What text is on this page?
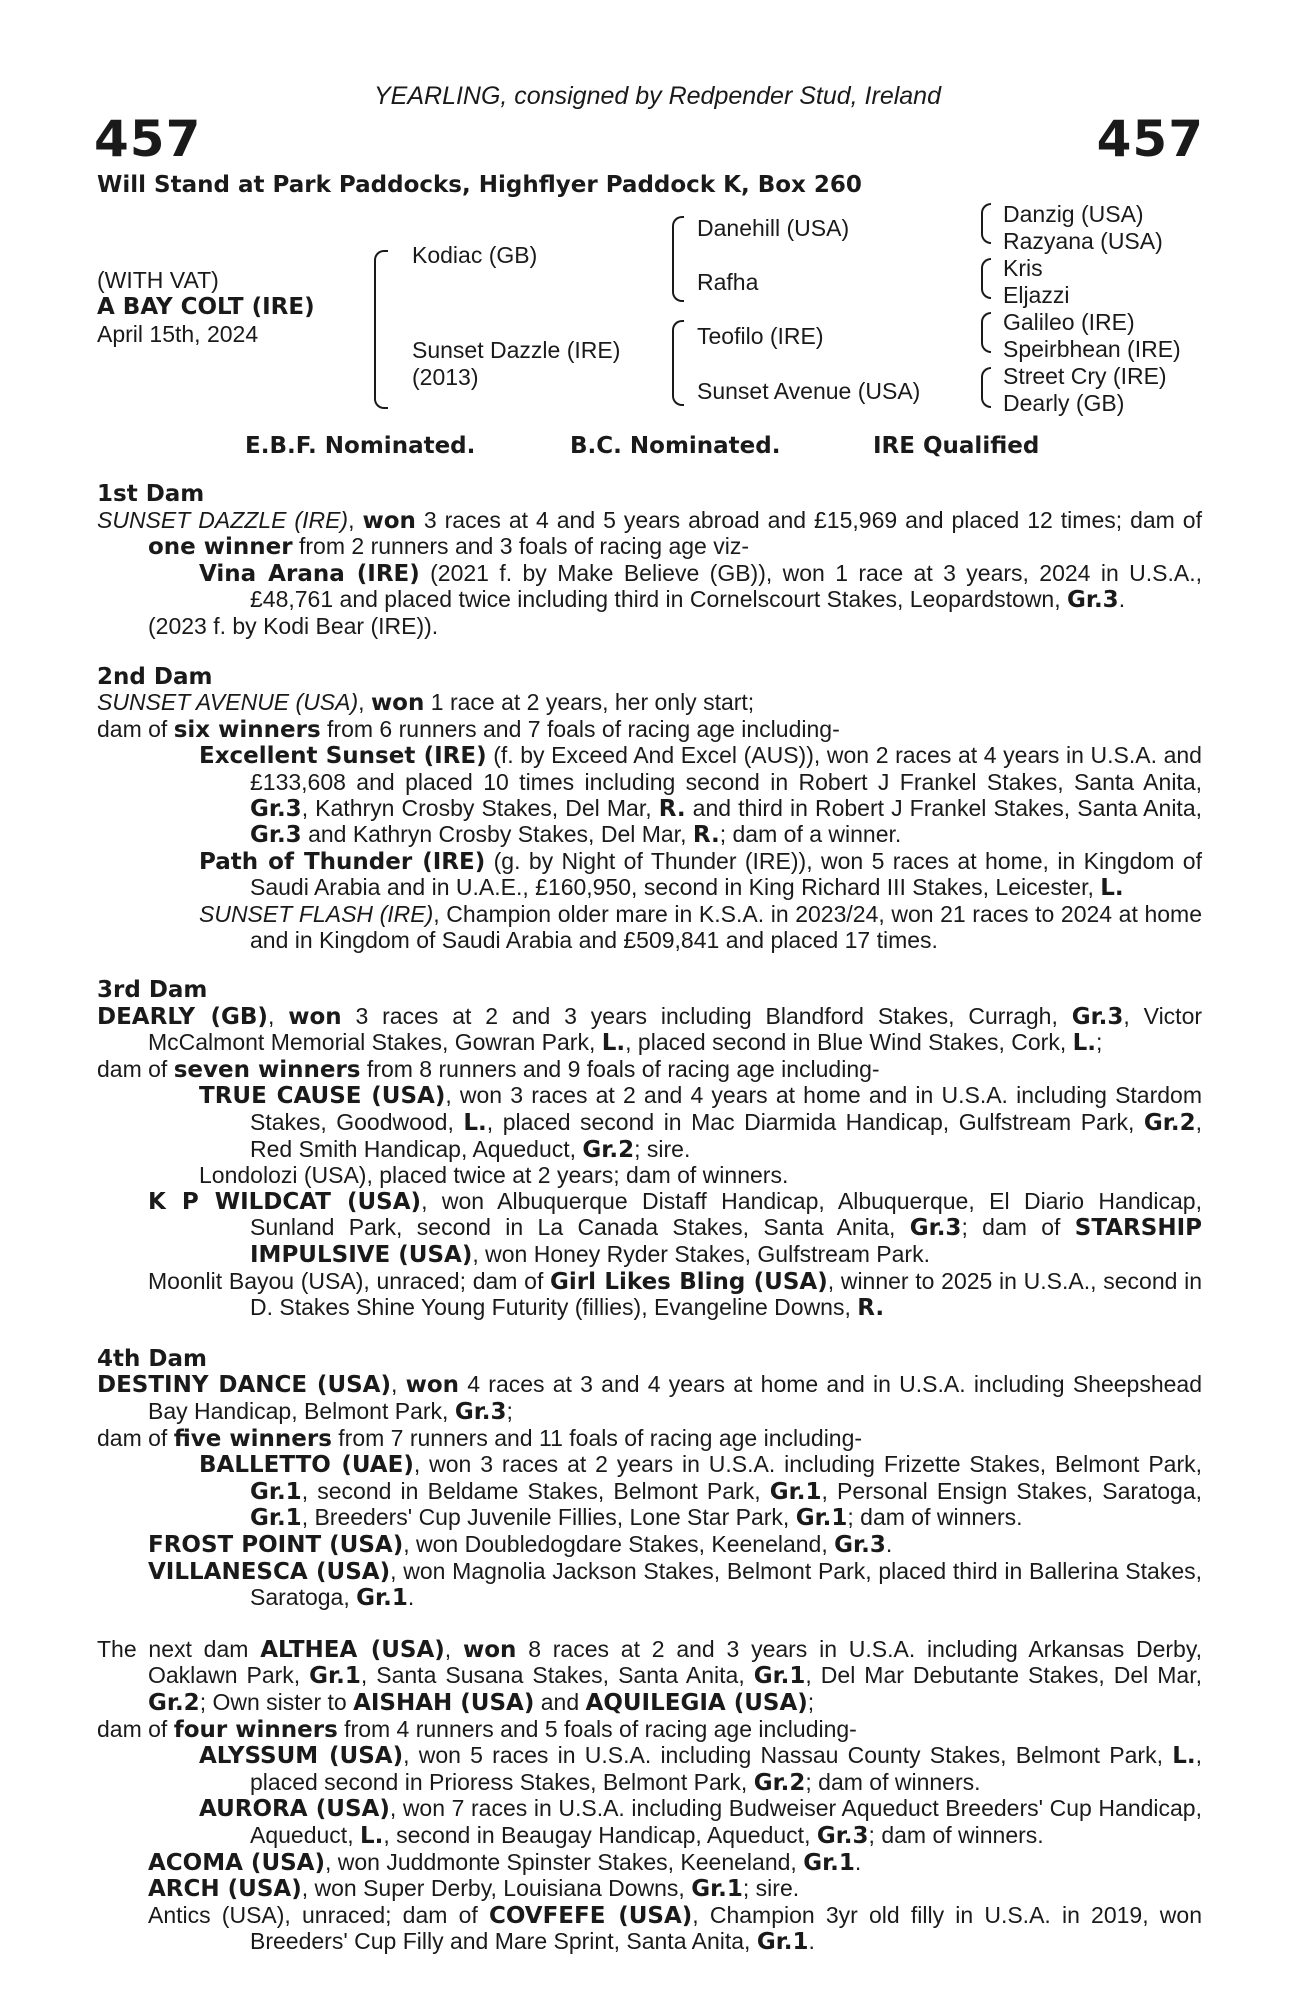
YEARLING, consigned by Redpender Stud, Ireland
457	457
Will Stand at Park Paddocks, Highflyer Paddock K, Box 260
(WITH VAT)
A BAY COLT (IRE)
April 15th, 2024
Kodiac (GB)
Sunset Dazzle (IRE)
(2013)
Danehill (USA)
Rafha
Teofilo (IRE)
Sunset Avenue (USA)
Danzig (USA)
Razyana (USA)
Kris
Eljazzi
Galileo (IRE)
Speirbhean (IRE)
Street Cry (IRE)
Dearly (GB)
E.B.F. Nominated.	B.C. Nominated.	IRE Qualified
1st Dam

SUNSET DAZZLE (IRE), won 3 races at 4 and 5 years abroad and £15,969 and placed 12 times; dam of one winner from 2 runners and 3 foals of racing age viz-

Vina Arana (IRE) (2021 f. by Make Believe (GB)), won 1 race at 3 years, 2024 in U.S.A., £48,761 and placed twice including third in Cornelscourt Stakes, Leopardstown, Gr.3.

(2023 f. by Kodi Bear (IRE)).

2nd Dam

SUNSET AVENUE (USA), won 1 race at 2 years, her only start;

dam of six winners from 6 runners and 7 foals of racing age including-

Excellent Sunset (IRE) (f. by Exceed And Excel (AUS)), won 2 races at 4 years in U.S.A. and £133,608 and placed 10 times including second in Robert J Frankel Stakes, Santa Anita, Gr.3, Kathryn Crosby Stakes, Del Mar, R. and third in Robert J Frankel Stakes, Santa Anita, Gr.3 and Kathryn Crosby Stakes, Del Mar, R.; dam of a winner.

Path of Thunder (IRE) (g. by Night of Thunder (IRE)), won 5 races at home, in Kingdom of Saudi Arabia and in U.A.E., £160,950, second in King Richard III Stakes, Leicester, L.

SUNSET FLASH (IRE), Champion older mare in K.S.A. in 2023/24, won 21 races to 2024 at home and in Kingdom of Saudi Arabia and £509,841 and placed 17 times.

3rd Dam

DEARLY (GB), won 3 races at 2 and 3 years including Blandford Stakes, Curragh, Gr.3, Victor McCalmont Memorial Stakes, Gowran Park, L., placed second in Blue Wind Stakes, Cork, L.;

dam of seven winners from 8 runners and 9 foals of racing age including-

TRUE CAUSE (USA), won 3 races at 2 and 4 years at home and in U.S.A. including Stardom Stakes, Goodwood, L., placed second in Mac Diarmida Handicap, Gulfstream Park, Gr.2, Red Smith Handicap, Aqueduct, Gr.2; sire.

Londolozi (USA), placed twice at 2 years; dam of winners.

K P WILDCAT (USA), won Albuquerque Distaff Handicap, Albuquerque, El Diario Handicap, Sunland Park, second in La Canada Stakes, Santa Anita, Gr.3; dam of STARSHIP IMPULSIVE (USA), won Honey Ryder Stakes, Gulfstream Park.

Moonlit Bayou (USA), unraced; dam of Girl Likes Bling (USA), winner to 2025 in U.S.A., second in D. Stakes Shine Young Futurity (fillies), Evangeline Downs, R.

4th Dam

DESTINY DANCE (USA), won 4 races at 3 and 4 years at home and in U.S.A. including Sheepshead Bay Handicap, Belmont Park, Gr.3;

dam of five winners from 7 runners and 11 foals of racing age including-

BALLETTO (UAE), won 3 races at 2 years in U.S.A. including Frizette Stakes, Belmont Park, Gr.1, second in Beldame Stakes, Belmont Park, Gr.1, Personal Ensign Stakes, Saratoga, Gr.1, Breeders' Cup Juvenile Fillies, Lone Star Park, Gr.1; dam of winners.

FROST POINT (USA), won Doubledogdare Stakes, Keeneland, Gr.3.

VILLANESCA (USA), won Magnolia Jackson Stakes, Belmont Park, placed third in Ballerina Stakes, Saratoga, Gr.1.

The next dam ALTHEA (USA), won 8 races at 2 and 3 years in U.S.A. including Arkansas Derby, Oaklawn Park, Gr.1, Santa Susana Stakes, Santa Anita, Gr.1, Del Mar Debutante Stakes, Del Mar, Gr.2; Own sister to AISHAH (USA) and AQUILEGIA (USA);

dam of four winners from 4 runners and 5 foals of racing age including-

ALYSSUM (USA), won 5 races in U.S.A. including Nassau County Stakes, Belmont Park, L., placed second in Prioress Stakes, Belmont Park, Gr.2; dam of winners.

AURORA (USA), won 7 races in U.S.A. including Budweiser Aqueduct Breeders' Cup Handicap, Aqueduct, L., second in Beaugay Handicap, Aqueduct, Gr.3; dam of winners.

ACOMA (USA), won Juddmonte Spinster Stakes, Keeneland, Gr.1.

ARCH (USA), won Super Derby, Louisiana Downs, Gr.1; sire.

Antics (USA), unraced; dam of COVFEFE (USA), Champion 3yr old filly in U.S.A. in 2019, won Breeders' Cup Filly and Mare Sprint, Santa Anita, Gr.1.
